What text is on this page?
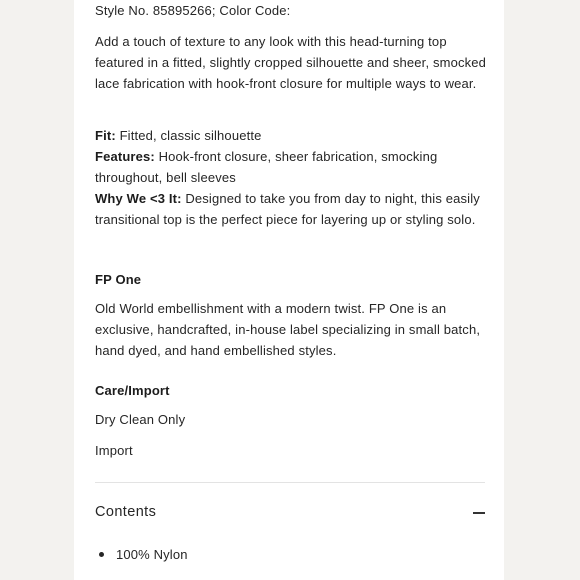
Style No. 85895266; Color Code:

Add a touch of texture to any look with this head-turning top featured in a fitted, slightly cropped silhouette and sheer, smocked lace fabrication with hook-front closure for multiple ways to wear.

Fit: Fitted, classic silhouette
Features: Hook-front closure, sheer fabrication, smocking throughout, bell sleeves
Why We <3 It: Designed to take you from day to night, this easily transitional top is the perfect piece for layering up or styling solo.
FP One

Old World embellishment with a modern twist. FP One is an exclusive, handcrafted, in-house label specializing in small batch, hand dyed, and hand embellished styles.

Care/Import
Dry Clean Only
Import
Contents
100% Nylon
